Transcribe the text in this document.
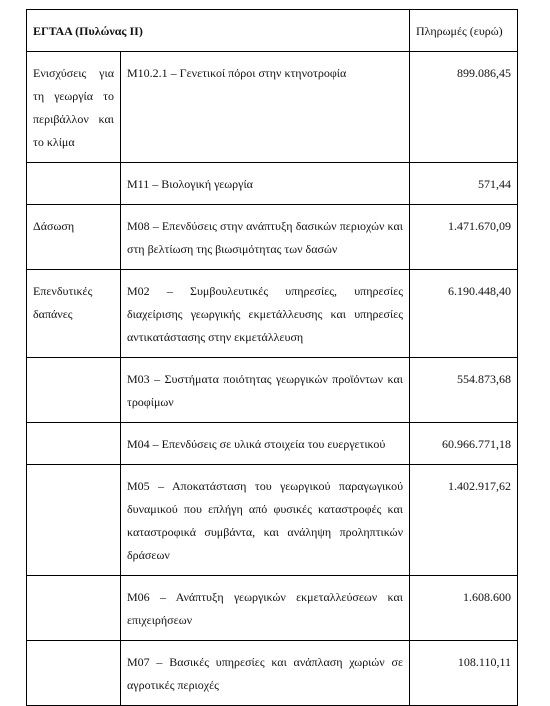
ΕΓΤΑΑ (Πυλώνας ΙΙ)		Πληρωμές (ευρώ)
Ενισχύσεις για τη γεωργία το περιβάλλον και το κλίμα	Μ10.2.1 – Γενετικοί πόροι στην κτηνοτροφία	899.086,45
	Μ11 – Βιολογική γεωργία	571,44
Δάσωση	Μ08 – Επενδύσεις στην ανάπτυξη δασικών περιοχών και στη βελτίωση της βιωσιμότητας των δασών	1.471.670,09
Επενδυτικές δαπάνες	Μ02 – Συμβουλευτικές υπηρεσίες, υπηρεσίες διαχείρισης γεωργικής εκμετάλλευσης και υπηρεσίες αντικατάστασης στην εκμετάλλευση	6.190.448,40
	Μ03 – Συστήματα ποιότητας γεωργικών προϊόντων και τροφίμων	554.873,68
	Μ04 – Επενδύσεις σε υλικά στοιχεία του ευεργετικού	60.966.771,18
	Μ05 – Αποκατάσταση του γεωργικού παραγωγικού δυναμικού που επλήγη από φυσικές καταστροφές και καταστροφικά συμβάντα, και ανάληψη προληπτικών δράσεων	1.402.917,62
	Μ06 – Ανάπτυξη γεωργικών εκμεταλλεύσεων και επιχειρήσεων	1.608.600
	Μ07 – Βασικές υπηρεσίες και ανάπλαση χωριών σε αγροτικές περιοχές	108.110,11
